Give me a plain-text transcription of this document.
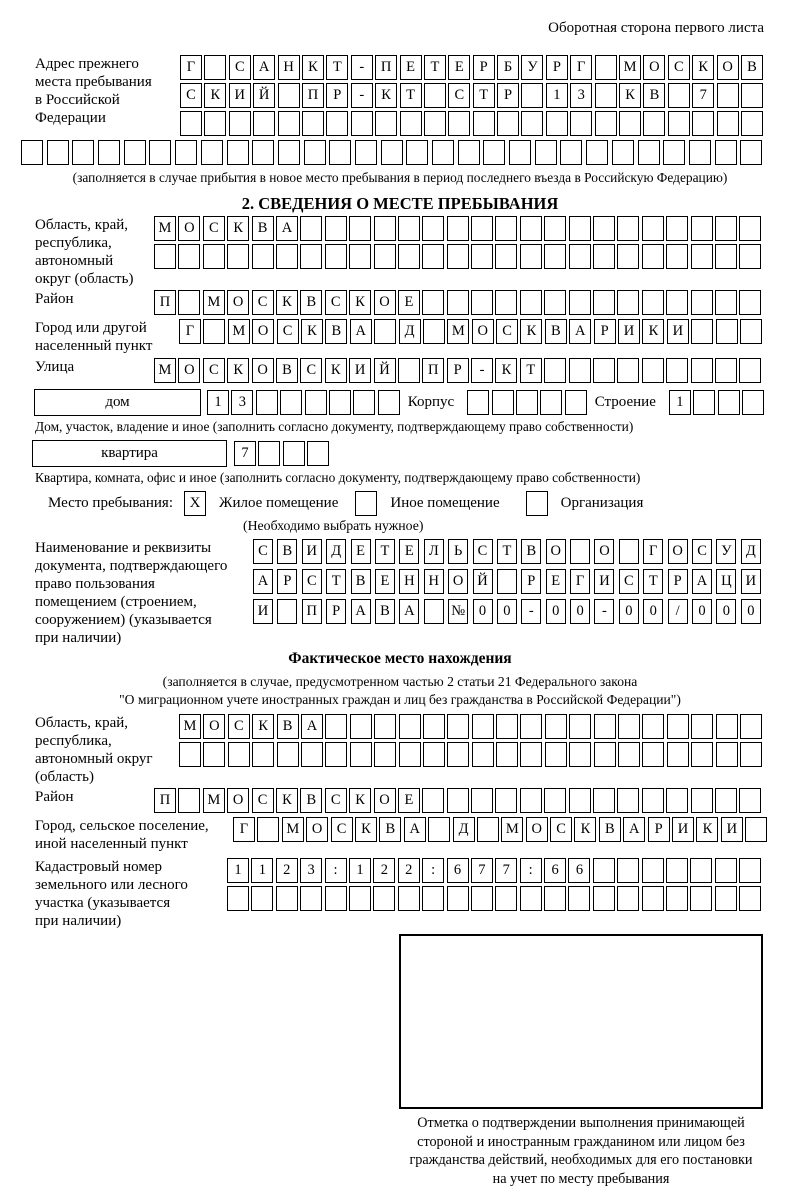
Оборотная сторона первого листа
Адрес прежнего
места пребывания
в Российской
Федерации
Г	С А Н К	Т	-	П	Е	Т	Е	Р	Б	У	Р	Г	М О С	К О В
С	К И Й	П	Р	-	К	Т	С	Т	Р	1	3	К	В	7
(заполняется в случае прибытия в новое место пребывания в период последнего въезда в Российскую Федерацию)
2. СВЕДЕНИЯ О МЕСТЕ ПРЕБЫВАНИЯ
Область, край,
республика,
автономный
округ (область)
М О С	К	В А
Район	П	М О С	К	В	С	К О	Е
Город или другой
населенный пункт
Г	М О С	К	В А	Д	М О С	К	В А	Р	И К И
Улица	М О С	К О В	С	К И Й	П	Р	-	К	Т
дом	1	3	Корпус	Строение	1
Дом, участок, владение и иное (заполнить согласно документу, подтверждающему право собственности)
квартира	7
Квартира, комната, офис и иное (заполнить согласно документу, подтверждающему право собственности)
Место пребывания:	Х	Жилое помещение	Иное помещение	Организация
(Необходимо выбрать нужное)
Наименование и реквизиты
документа, подтверждающего
право пользования
помещением (строением,
сооружением) (указывается
при наличии)
С	В И Д	Е	Т	Е	Л	Ь	С	Т	В О	О	Г	О С У Д
А	Р	С	Т	В	Е	Н Н О Й	Р	Е	Г	И С	Т	Р	А Ц И
И	П	Р	А В А	№ 0	0	-	0	0	-	0	0	/	0	0	0
Фактическое место нахождения
(заполняется в случае, предусмотренном частью 2 статьи 21 Федерального закона
"О миграционном учете иностранных граждан и лиц без гражданства в Российской Федерации")
Область, край,
республика,
автономный округ
(область)
М О С	К	В А
Район	П	М О С	К	В	С	К О	Е
Город, сельское поселение,
иной населенный пункт
Г	М О С	К	В А	Д	М О С	К	В А	Р	И К И
Кадастровый номер
земельного или лесного
участка (указывается
при наличии)
1	1	2	3	:	1	2	2	:	6	7	7	:	6	6
Отметка о подтверждении выполнения принимающей
стороной и иностранным гражданином или лицом без
гражданства действий, необходимых для его постановки
на учет по месту пребывания
